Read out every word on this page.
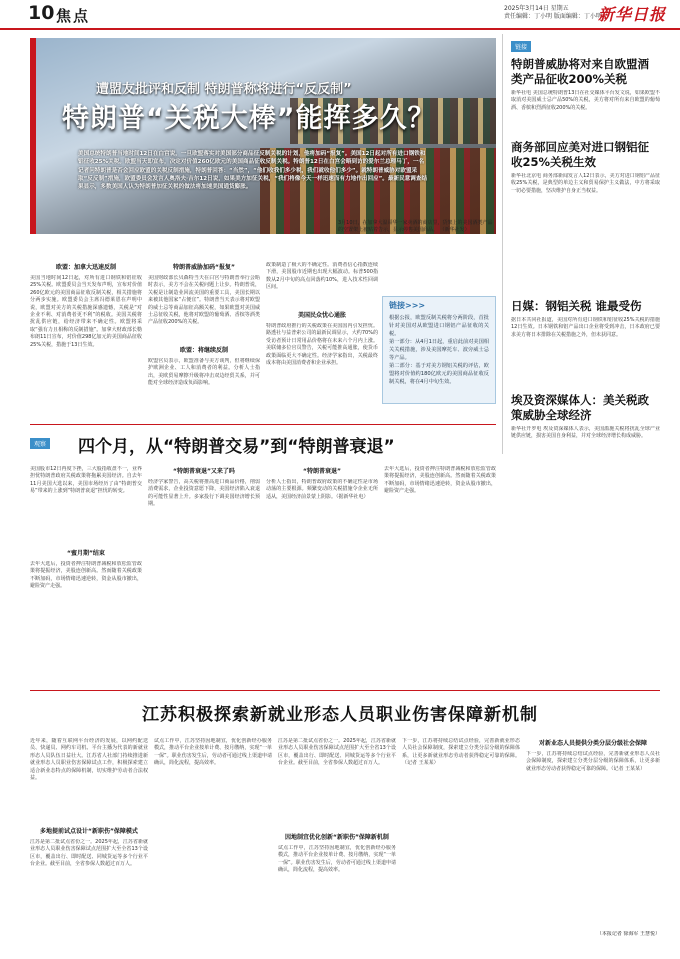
10 焦点	2025年3月14日 星期五
责任编辑：丁小明 版面编辑：丁小明
新华日报
遭盟友批评和反制 特朗普称将进行“反反制”
特朗普“关税大棒”能挥多久？
美国总统特朗普当地时间12日在白宫说，一旦欧盟落实对美国部分商品征反制关税的计划，他将加码“报复”。美国12日起对所有进口钢铁和铝征收25%关税。欧盟当天即宣布，决定对价值260亿欧元的美国商品征收反制关税。特朗普12日在白宫会晤到访的爱尔兰总理马丁，一名记者问特朗普是否会回应欧盟的关税反制措施，特朗普回答：“当然”，“他们收我们多少税，我们就收他们多少”。就特朗普威胁对欧盟采取“反反制”措施，欧盟委员会发言人奥洛夫·吉尔12日说，如果美方加征关税，“我们将像今天一样迅速而有力地作出回应”。最新民意调查结果显示，多数美国人认为特朗普加征关税的做法将加速美国通货膨胀。
3月10日，在加拿大温哥华一家卖酒的商店里，货架上的美国酒类产品的空置架上被贴着告示，显示停售美国商品。 （新华社发）
欧盟：加拿大迅速反制
美国当地时间12日起，对所有进口钢铁和铝征收25%关税。欧盟委员会当天发布声明，宣布对价值260亿欧元的美国商品征收反制关税，相关措施将分两步实施。欧盟委员会主席冯德莱恩在声明中说，欧盟对美方的关税措施深感遗憾，关税是“对企业不利、对消费者更不利”的税收。美国关税将扰乱供应链，给经济带来不确定性。欧盟将采取“强有力且相称的反制措施”。加拿大财政部长勒布朗11日宣布，对价值298亿加元的美国商品征收25%关税，措施于13日生效。
特朗普威胁加码“报复”
美国财政部长贝森特当天在白宫与特朗普举行会晤时表示，美方不会在关税问题上让步。特朗普说，关税是让制造业回流美国的重要工具，美国长期以来被其他国家“占便宜”。特朗普当天表示将对欧盟的威士忌等商品加征高额关税，如果欧盟对美国威士忌征收关税，他将对欧盟的葡萄酒、香槟等酒类产品征收200%的关税。
欧盟：将继续反制
欧盟官员表示，欧盟准备与美方谈判，但将继续保护欧洲企业、工人和消费者的利益。分析人士指出，美欧贸易摩擦升级将冲击双边经贸关系，并可能对全球经济造成负面影响。
政策制造了极大的不确定性。消费者信心指数连续下滑，美国股市近期也出现大幅波动。标普500指数从2月中旬的高点回落约10%，进入技术性回调区间。
美国民众忧心通胀
特朗普政府推行的关税政策在美国国内引发担忧。路透社与益普索公司的最新民调显示，大约70%的受访者预计日常用品价格将在未来六个月内上涨。美联储多位官员警告，关税可能推高通胀，使货币政策面临更大不确定性。经济学家指出，关税最终成本将由美国消费者和企业承担。
链接>>>
根据公报，欧盟反制关税将分两阶段，首批针对美国对从欧盟进口钢铝产品征收的关税。
第一部分：从4月1日起，重启此前对美国相关关税措施，涉及美国摩托车、波旁威士忌等产品。
第二部分：基于对美方钢铝关税的评估，欧盟将对价值约180亿欧元的美国商品征收反制关税，将在4月中旬生效。
链接
特朗普威胁将对来自欧盟酒类产品征收200%关税
新华社电 美国总统特朗普13日在社交媒体平台发文说，如果欧盟不取消对美国威士忌产品50%的关税，美方将对所有来自欧盟的葡萄酒、香槟和烈酒征收200%的关税。
商务部回应美对进口钢铝征收25%关税生效
新华社北京电 商务部新闻发言人12日表示，美方对进口钢铝产品征收25%关税，是典型的单边主义和贸易保护主义做法，中方将采取一切必要措施，坚决维护自身正当权益。
日媒：钢铝关税 谁最受伤
据日本共同社报道，美国对所有进口钢铁和铝征收25%关税的措施12日生效。日本钢铁和铝产品出口企业将受到冲击，日本政府已要求美方将日本排除在关税措施之外，但未获同意。
埃及资深媒体人：美关税政策威胁全球经济
新华社开罗电 埃及资深媒体人表示，美国滥施关税将扰乱全球产业链供应链，损害美国自身利益，并对全球经济增长构成威胁。
观察 四个月，从“特朗普交易”到“特朗普衰退”
美国股市12日再度下挫，三大股指收盘不一，业界担忧特朗普政府关税政策将拖累美国经济。自去年11月美国大选以来，美国市场经历了由“特朗普交易”带来的上涨到“特朗普衰退”担忧的转变。
“蜜月期”结束
去年大选后，投资者押注特朗普减税和放松监管政策将提振经济，美股连创新高。然而随着关税政策不断加码，市场情绪迅速逆转，资金从股市撤出，避险资产走强。
“特朗普衰退”又来了吗
经济学家警告，高关税将推高进口商品价格，削弱消费需求，企业投资意愿下降，美国经济陷入衰退的可能性显著上升。多家投行下调美国经济增长预期。
“特朗普衰退”
分析人士指出，特朗普政府政策的不确定性是市场动荡的主要根源。频繁变动的关税措施令企业无所适从，美国经济前景蒙上阴影。（据新华社电）
去年大选后，投资者押注特朗普减税和放松监管政策将提振经济，美股连创新高。然而随着关税政策不断加码，市场情绪迅速逆转，资金从股市撤出，避险资产走强。
江苏积极探索新就业形态人员职业伤害保障新机制
近年来，随着互联网平台经济的发展，以网约配送员、快递员、网约车司机、平台主播为代表的新就业形态人员队伍日益壮大。江苏省人社部门持续推进新就业形态人员职业伤害保障试点工作，积极探索建立适合新业态特点的保障机制，切实维护劳动者合法权益。
多地提前试点设计“新职伤”保障模式
江苏是第二批试点省份之一。2025年起，江苏省新就业形态人员职业伤害保障试点范围扩大至全省13个设区市，覆盖出行、即时配送、同城货运等多个行业平台企业。截至目前，全省参保人数超过百万人。
试点工作中，江苏坚持因地制宜，优化创新经办服务模式，推动平台企业按单计费、按月缴纳，实现“一单一保”。职业伤害发生后，劳动者可通过线上渠道申请确认，简化流程，提高效率。
江苏是第二批试点省份之一。2025年起，江苏省新就业形态人员职业伤害保障试点范围扩大至全省13个设区市，覆盖出行、即时配送、同城货运等多个行业平台企业。截至目前，全省参保人数超过百万人。
因地制宜优化创新“新职伤”保障新机制
试点工作中，江苏坚持因地制宜，优化创新经办服务模式，推动平台企业按单计费、按月缴纳，实现“一单一保”。职业伤害发生后，劳动者可通过线上渠道申请确认，简化流程，提高效率。
下一步，江苏将持续总结试点经验，完善新就业形态人员社会保障制度，探索建立分类分层分级的保障体系，让更多新就业形态劳动者获得稳定可靠的保障。（记者 王某某）
对新业态人员提供分类分层分级社会保障
下一步，江苏将持续总结试点经验，完善新就业形态人员社会保障制度，探索建立分类分层分级的保障体系，让更多新就业形态劳动者获得稳定可靠的保障。（记者 王某某）
（本报记者 徐海军 王慧悦）
